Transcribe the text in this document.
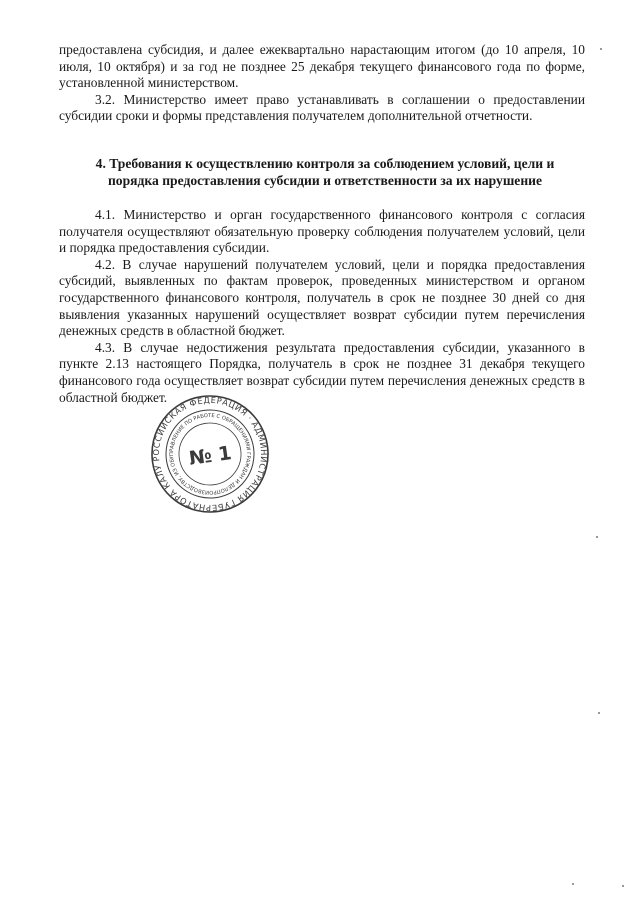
предоставлена субсидия, и далее ежеквартально нарастающим итогом (до 10 апреля, 10 июля, 10 октября) и за год не позднее 25 декабря текущего финансового года по форме, установленной министерством.

3.2. Министерство имеет право устанавливать в соглашении о предоставлении субсидии сроки и формы представления получателем дополнительной отчетности.

4. Требования к осуществлению контроля за соблюдением условий, цели и порядка предоставления субсидии и ответственности за их нарушение

4.1. Министерство и орган государственного финансового контроля с согласия получателя осуществляют обязательную проверку соблюдения получателем условий, цели и порядка предоставления субсидии.

4.2. В случае нарушений получателем условий, цели и порядка предоставления субсидий, выявленных по фактам проверок, проведенных министерством и органом государственного финансового контроля, получатель в срок не позднее 30 дней со дня выявления указанных нарушений осуществляет возврат субсидии путем перечисления денежных средств в областной бюджет.

4.3. В случае недостижения результата предоставления субсидии, указанного в пункте 2.13 настоящего Порядка, получатель в срок не позднее 31 декабря текущего финансового года осуществляет возврат субсидии путем перечисления денежных средств в областной бюджет.

РОССИЙСКАЯ ФЕДЕРАЦИЯ · АДМИНИСТРАЦИЯ ГУБЕРНАТОРА КАЛУЖСКОЙ
УПРАВЛЕНИЕ ПО РАБОТЕ С ОБРАЩЕНИЯМИ ГРАЖДАН И ДЕЛОПРОИЗВОДСТВУ, ИЗ ОБЪЕДИНЕНИЙ
№ 1
